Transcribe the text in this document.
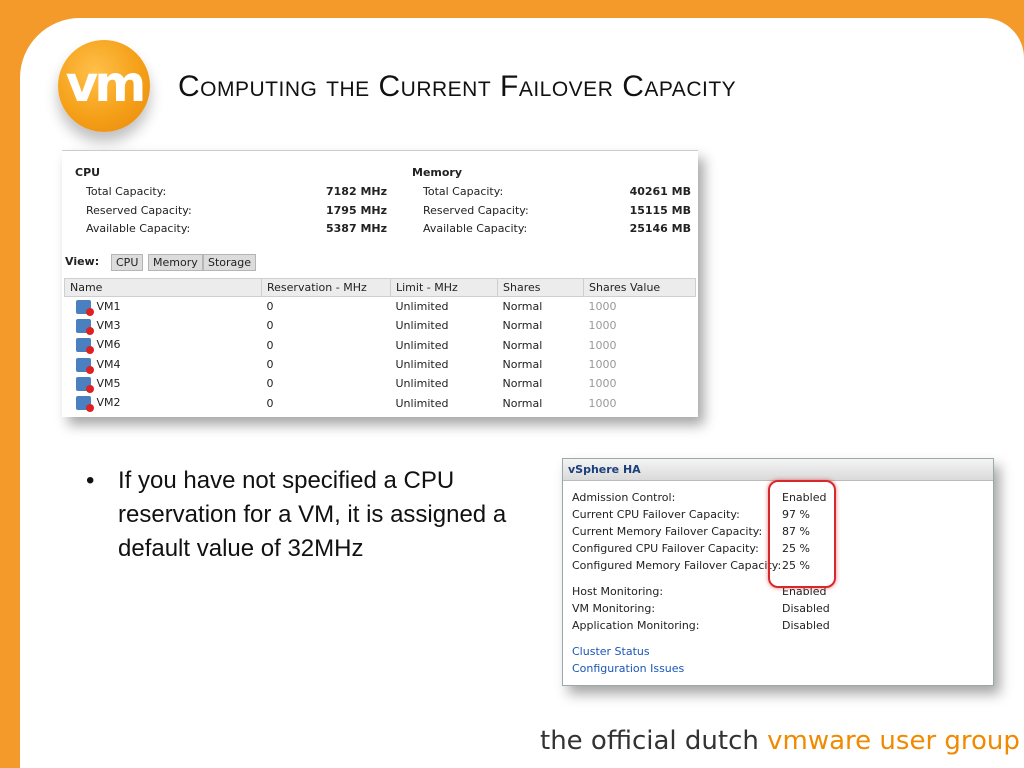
vm Computing the Current Failover Capacity
CPU
Total Capacity:	7182 MHz
Reserved Capacity:	1795 MHz
Available Capacity:	5387 MHz
Memory
Total Capacity:	40261 MB
Reserved Capacity:	15115 MB
Available Capacity:	25146 MB
View:	CPU	Memory Storage
Name	Reservation - MHz	Limit - MHz	Shares	Shares Value
VM1	0	Unlimited	Normal	1000
VM3	0	Unlimited	Normal	1000
VM6	0	Unlimited	Normal	1000
VM4	0	Unlimited	Normal	1000
VM5	0	Unlimited	Normal	1000
VM2	0	Unlimited	Normal	1000
• If you have not specified a CPU reservation for a VM, it is assigned a default value of 32MHz
vSphere HA
Admission Control:	Enabled
Current CPU Failover Capacity:	97 %
Current Memory Failover Capacity: 87 %
Configured CPU Failover Capacity: 25 %
Configured Memory Failover Capacity: 25 %
Host Monitoring:	Enabled
VM Monitoring:	Disabled
Application Monitoring:	Disabled
Cluster Status
Configuration Issues
the official dutch vmware user group
